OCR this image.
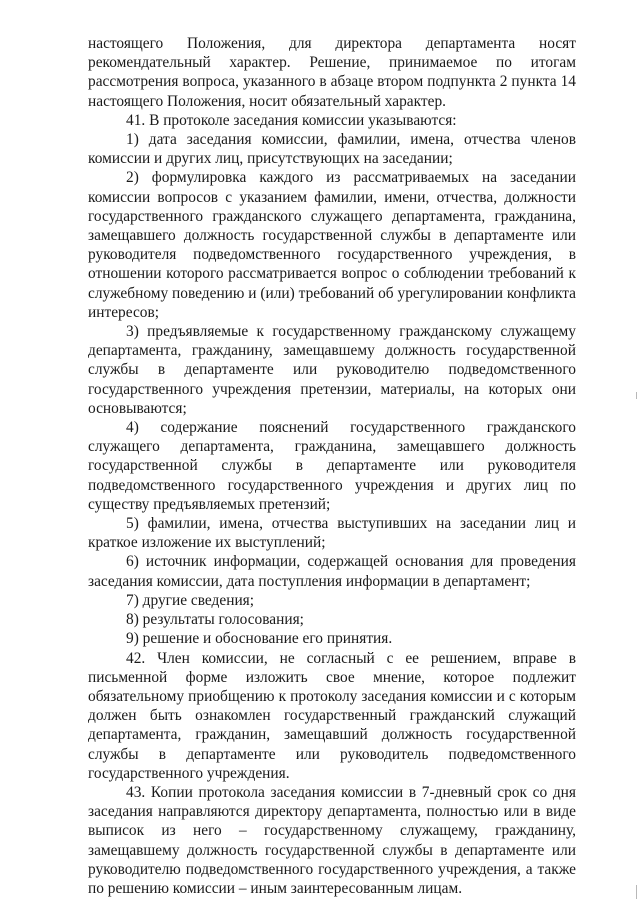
настоящего Положения, для директора департамента носят рекомендательный характер. Решение, принимаемое по итогам рассмотрения вопроса, указанного в абзаце втором подпункта 2 пункта 14 настоящего Положения, носит обязательный характер.

41. В протоколе заседания комиссии указываются:

1) дата заседания комиссии, фамилии, имена, отчества членов комиссии и других лиц, присутствующих на заседании;

2) формулировка каждого из рассматриваемых на заседании комиссии вопросов с указанием фамилии, имени, отчества, должности государственного гражданского служащего департамента, гражданина, замещавшего должность государственной службы в департаменте или руководителя подведомственного государственного учреждения, в отношении которого рассматривается вопрос о соблюдении требований к служебному поведению и (или) требований об урегулировании конфликта интересов;

3) предъявляемые к государственному гражданскому служащему департамента, гражданину, замещавшему должность государственной службы в департаменте или руководителю подведомственного государственного учреждения претензии, материалы, на которых они основываются;

4) содержание пояснений государственного гражданского служащего департамента, гражданина, замещавшего должность государственной службы в департаменте или руководителя подведомственного государственного учреждения и других лиц по существу предъявляемых претензий;

5) фамилии, имена, отчества выступивших на заседании лиц и краткое изложение их выступлений;

6) источник информации, содержащей основания для проведения заседания комиссии, дата поступления информации в департамент;

7) другие сведения;

8) результаты голосования;

9) решение и обоснование его принятия.

42. Член комиссии, не согласный с ее решением, вправе в письменной форме изложить свое мнение, которое подлежит обязательному приобщению к протоколу заседания комиссии и с которым должен быть ознакомлен государственный гражданский служащий департамента, гражданин, замещавший должность государственной службы в департаменте или руководитель подведомственного государственного учреждения.

43. Копии протокола заседания комиссии в 7-дневный срок со дня заседания направляются директору департамента, полностью или в виде выписок из него – государственному служащему, гражданину, замещавшему должность государственной службы в департаменте или руководителю подведомственного государственного учреждения, а также по решению комиссии – иным заинтересованным лицам.
